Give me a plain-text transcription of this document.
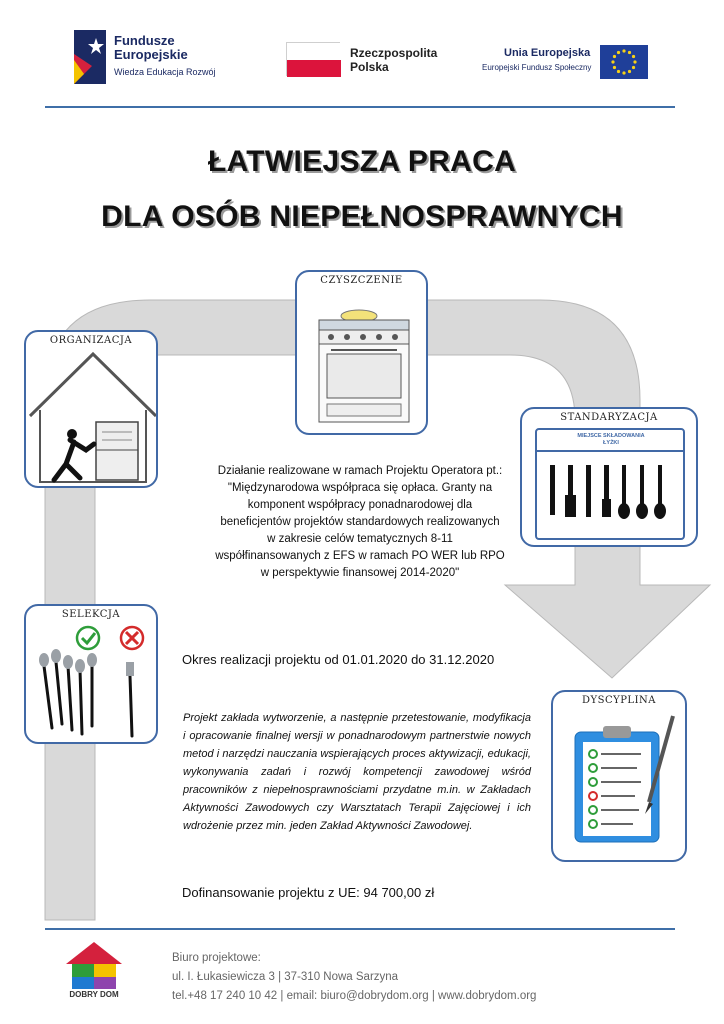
Fundusze
Europejskie
Wiedza Edukacja Rozwój
Rzeczpospolita
Polska
Unia Europejska
Europejski Fundusz Społeczny
ŁATWIEJSZA PRACA
DLA OSÓB NIEPEŁNOSPRAWNYCH
ORGANIZACJA
CZYSZCZENIE
STANDARYZACJA
MIEJSCE SKŁADOWANIA
ŁYŻKI
SELEKCJA
DYSCYPLINA
Działanie realizowane w ramach Projektu Operatora pt.:
"Międzynarodowa współpraca się opłaca. Granty na
komponent współpracy ponadnarodowej dla
beneficjentów projektów standardowych realizowanych
w zakresie celów tematycznych 8-11
współfinansowanych z EFS w ramach PO WER lub RPO
w perspektywie finansowej 2014-2020"
Okres realizacji projektu od 01.01.2020 do 31.12.2020
Projekt zakłada wytworzenie, a następnie przetestowanie, modyfikacja i opracowanie finalnej wersji w ponadnarodowym partnerstwie nowych metod i narzędzi nauczania wspierających proces aktywizacji, edukacji, wykonywania zadań i rozwój kompetencji zawodowej wśród pracowników z niepełnosprawnościami przydatne m.in. w Zakładach Aktywności Zawodowych czy Warsztatach Terapii Zajęciowej i ich wdrożenie przez min. jeden Zakład Aktywności Zawodowej.
Dofinansowanie projektu z UE: 94 700,00 zł
DOBRY DOM
Biuro projektowe:
ul. I. Łukasiewicza 3 | 37-310 Nowa Sarzyna
tel.+48 17 240 10 42 | email: biuro@dobrydom.org | www.dobrydom.org
